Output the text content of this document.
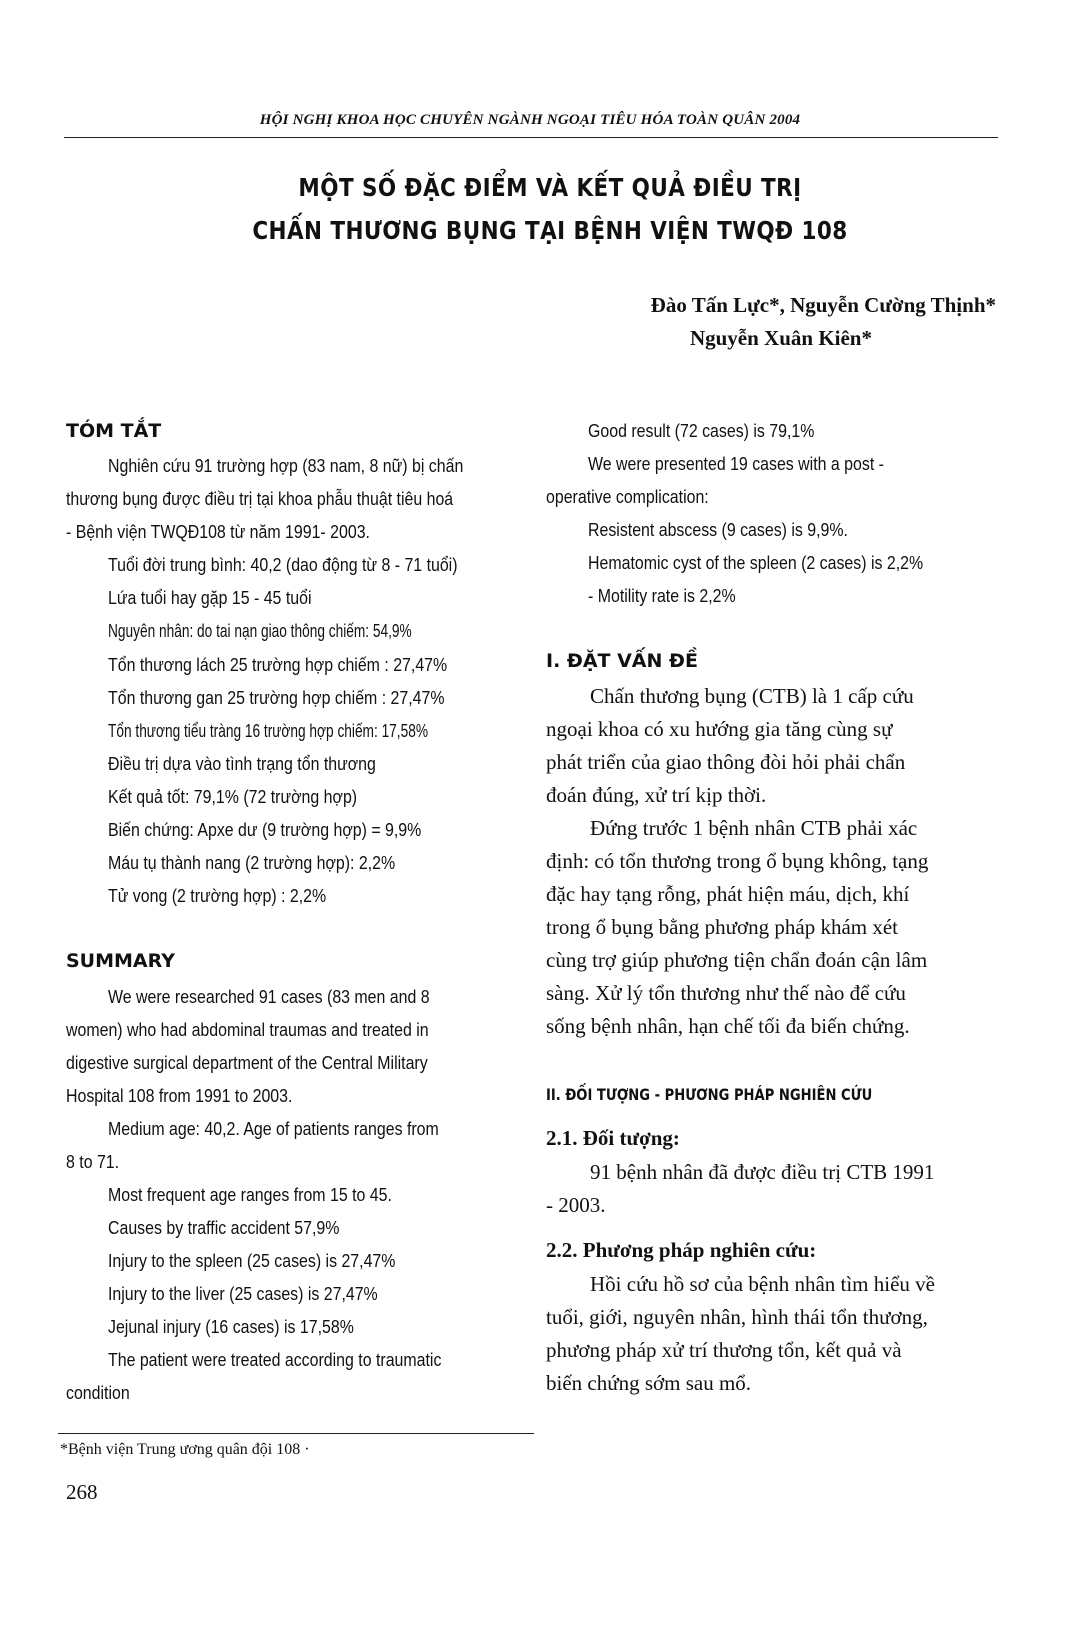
HỘI NGHỊ KHOA HỌC CHUYÊN NGÀNH NGOẠI TIÊU HÓA TOÀN QUÂN 2004
MỘT SỐ ĐẶC ĐIỂM VÀ KẾT QUẢ ĐIỀU TRỊ
CHẤN THƯƠNG BỤNG TẠI BỆNH VIỆN TWQĐ 108
Đào Tấn Lực*, Nguyễn Cường Thịnh*
Nguyễn Xuân Kiên*
TÓM TẮT
Nghiên cứu 91 trường hợp (83 nam, 8 nữ) bị chấn
thương bụng được điều trị tại khoa phẫu thuật tiêu hoá
- Bệnh viện TWQĐ108 từ năm 1991- 2003.
Tuổi đời trung bình: 40,2 (dao động từ 8 - 71 tuổi)
Lứa tuổi hay gặp 15 - 45 tuổi
Nguyên nhân: do tai nạn giao thông chiếm: 54,9%
Tổn thương lách 25 trường hợp chiếm : 27,47%
Tổn thương gan 25 trường hợp chiếm : 27,47%
Tổn thương tiểu tràng 16 trường hợp chiếm: 17,58%
Điều trị dựa vào tình trạng tổn thương
Kết quả tốt: 79,1% (72 trường hợp)
Biến chứng: Apxe dư (9 trường hợp) = 9,9%
Máu tụ thành nang (2 trường hợp): 2,2%
Tử vong (2 trường hợp) : 2,2%
SUMMARY
We were researched 91 cases (83 men and 8
women) who had abdominal traumas and treated in
digestive surgical department of the Central Military
Hospital 108 from 1991 to 2003.
Medium age: 40,2. Age of patients ranges from
8 to 71.
Most frequent age ranges from 15 to 45.
Causes by traffic accident 57,9%
Injury to the spleen (25 cases) is 27,47%
Injury to the liver (25 cases) is 27,47%
Jejunal injury (16 cases) is 17,58%
The patient were treated according to traumatic
condition
Good result (72 cases) is 79,1%
We were presented 19 cases with a post -
operative complication:
Resistent abscess (9 cases) is 9,9%.
Hematomic cyst of the spleen (2 cases) is 2,2%
- Motility rate is 2,2%
I. ĐẶT VẤN ĐỀ
Chấn thương bụng (CTB) là 1 cấp cứu
ngoại khoa có xu hướng gia tăng cùng sự
phát triển của giao thông đòi hỏi phải chẩn
đoán đúng, xử trí kịp thời.
Đứng trước 1 bệnh nhân CTB phải xác
định: có tổn thương trong ổ bụng không, tạng
đặc hay tạng rỗng, phát hiện máu, dịch, khí
trong ổ bụng bằng phương pháp khám xét
cùng trợ giúp phương tiện chẩn đoán cận lâm
sàng. Xử lý tổn thương như thế nào để cứu
sống bệnh nhân, hạn chế tối đa biến chứng.
II. ĐỐI TƯỢNG - PHƯƠNG PHÁP NGHIÊN CỨU
2.1. Đối tượng:
91 bệnh nhân đã được điều trị CTB 1991
- 2003.
2.2. Phương pháp nghiên cứu:
Hồi cứu hồ sơ của bệnh nhân tìm hiểu về
tuổi, giới, nguyên nhân, hình thái tổn thương,
phương pháp xử trí thương tổn, kết quả và
biến chứng sớm sau mổ.
*Bệnh viện Trung ương quân đội 108 ·
268
